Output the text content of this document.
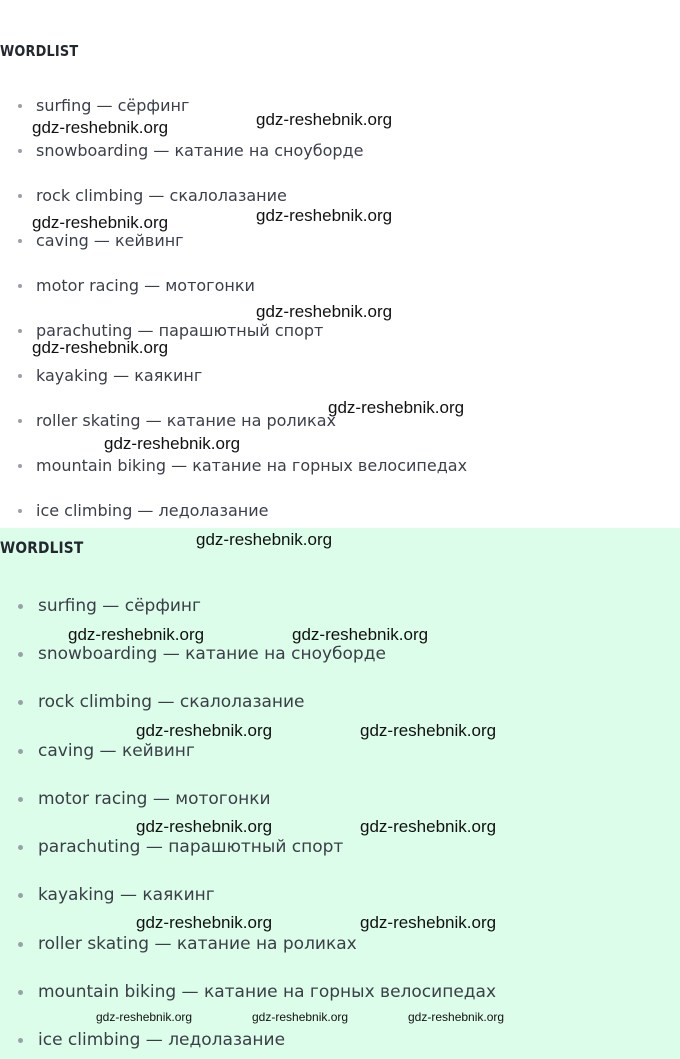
WORDLIST
surfing — сёрфинг
snowboarding — катание на сноуборде
rock climbing — скалолазание
caving — кейвинг
motor racing — мотогонки
parachuting — парашютный спорт
kayaking — каякинг
roller skating — катание на роликах
mountain biking — катание на горных велосипедах
ice climbing — ледолазание
gdz-reshebnik.org	gdz-reshebnik.org
gdz-reshebnik.org	gdz-reshebnik.org
gdz-reshebnik.org
gdz-reshebnik.org
gdz-reshebnik.org
gdz-reshebnik.org
WORDLIST
surfing — сёрфинг
snowboarding — катание на сноуборде
rock climbing — скалолазание
caving — кейвинг
motor racing — мотогонки
parachuting — парашютный спорт
kayaking — каякинг
roller skating — катание на роликах
mountain biking — катание на горных велосипедах
ice climbing — ледолазание
gdz-reshebnik.org
gdz-reshebnik.org	gdz-reshebnik.org
gdz-reshebnik.org	gdz-reshebnik.org
gdz-reshebnik.org	gdz-reshebnik.org
gdz-reshebnik.org	gdz-reshebnik.org
gdz-reshebnik.org	gdz-reshebnik.org	gdz-reshebnik.org
